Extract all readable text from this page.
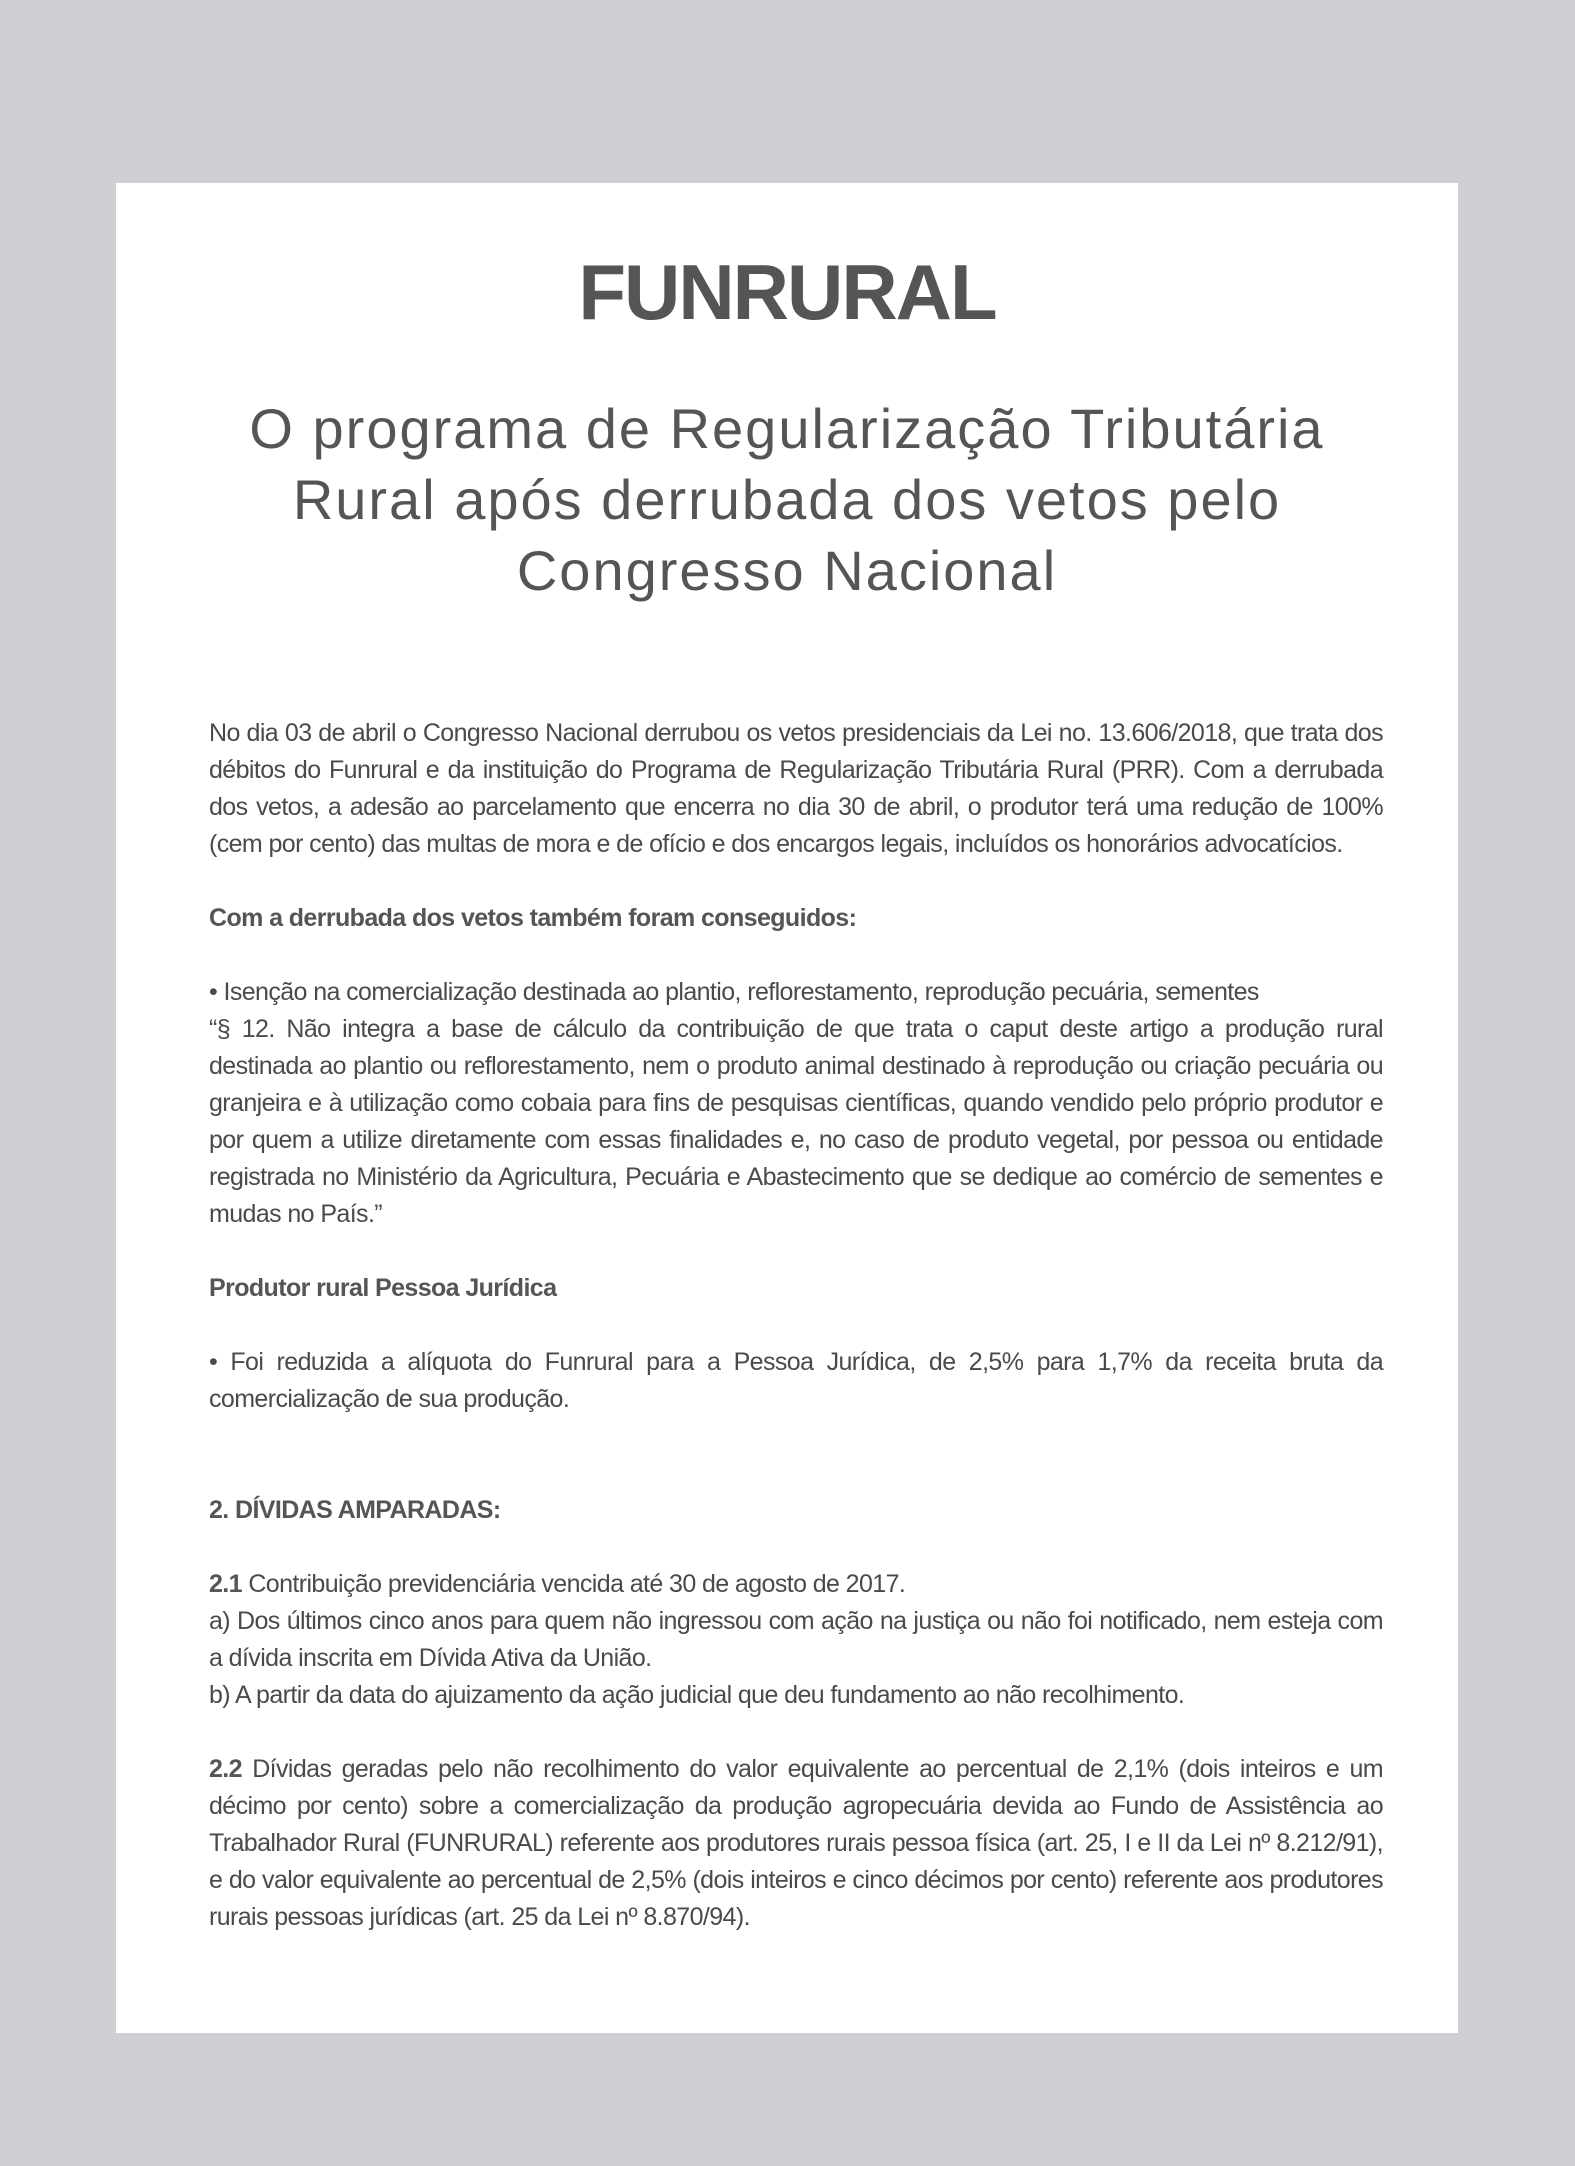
FUNRURAL
O programa de Regularização Tributária
Rural após derrubada dos vetos pelo
Congresso Nacional

No dia 03 de abril o Congresso Nacional derrubou os vetos presidenciais da Lei no. 13.606/2018, que trata dos débitos do Funrural e da instituição do Programa de Regularização Tributária Rural (PRR). Com a derrubada dos vetos, a adesão ao parcelamento que encerra no dia 30 de abril, o produtor terá uma redução de 100% (cem por cento) das multas de mora e de ofício e dos encargos legais, incluídos os honorários advocatícios.

Com a derrubada dos vetos também foram conseguidos:

• Isenção na comercialização destinada ao plantio, reflorestamento, reprodução pecuária, sementes
“§ 12. Não integra a base de cálculo da contribuição de que trata o caput deste artigo a produção rural destinada ao plantio ou reflorestamento, nem o produto animal destinado à reprodução ou criação pecuária ou granjeira e à utilização como cobaia para fins de pesquisas científicas, quando vendido pelo próprio produtor e por quem a utilize diretamente com essas finalidades e, no caso de produto vegetal, por pessoa ou entidade registrada no Ministério da Agricultura, Pecuária e Abastecimento que se dedique ao comércio de sementes e mudas no País.”

Produtor rural Pessoa Jurídica

• Foi reduzida a alíquota do Funrural para a Pessoa Jurídica, de 2,5% para 1,7% da receita bruta da comercialização de sua produção.

2. DÍVIDAS AMPARADAS:

2.1 Contribuição previdenciária vencida até 30 de agosto de 2017.

a) Dos últimos cinco anos para quem não ingressou com ação na justiça ou não foi notificado, nem esteja com a dívida inscrita em Dívida Ativa da União.

b) A partir da data do ajuizamento da ação judicial que deu fundamento ao não recolhimento.

2.2 Dívidas geradas pelo não recolhimento do valor equivalente ao percentual de 2,1% (dois inteiros e um décimo por cento) sobre a comercialização da produção agropecuária devida ao Fundo de Assistência ao Trabalhador Rural (FUNRURAL) referente aos produtores rurais pessoa física (art. 25, I e II da Lei nº 8.212/91), e do valor equivalente ao percentual de 2,5% (dois inteiros e cinco décimos por cento) referente aos produtores rurais pessoas jurídicas (art. 25 da Lei nº 8.870/94).
